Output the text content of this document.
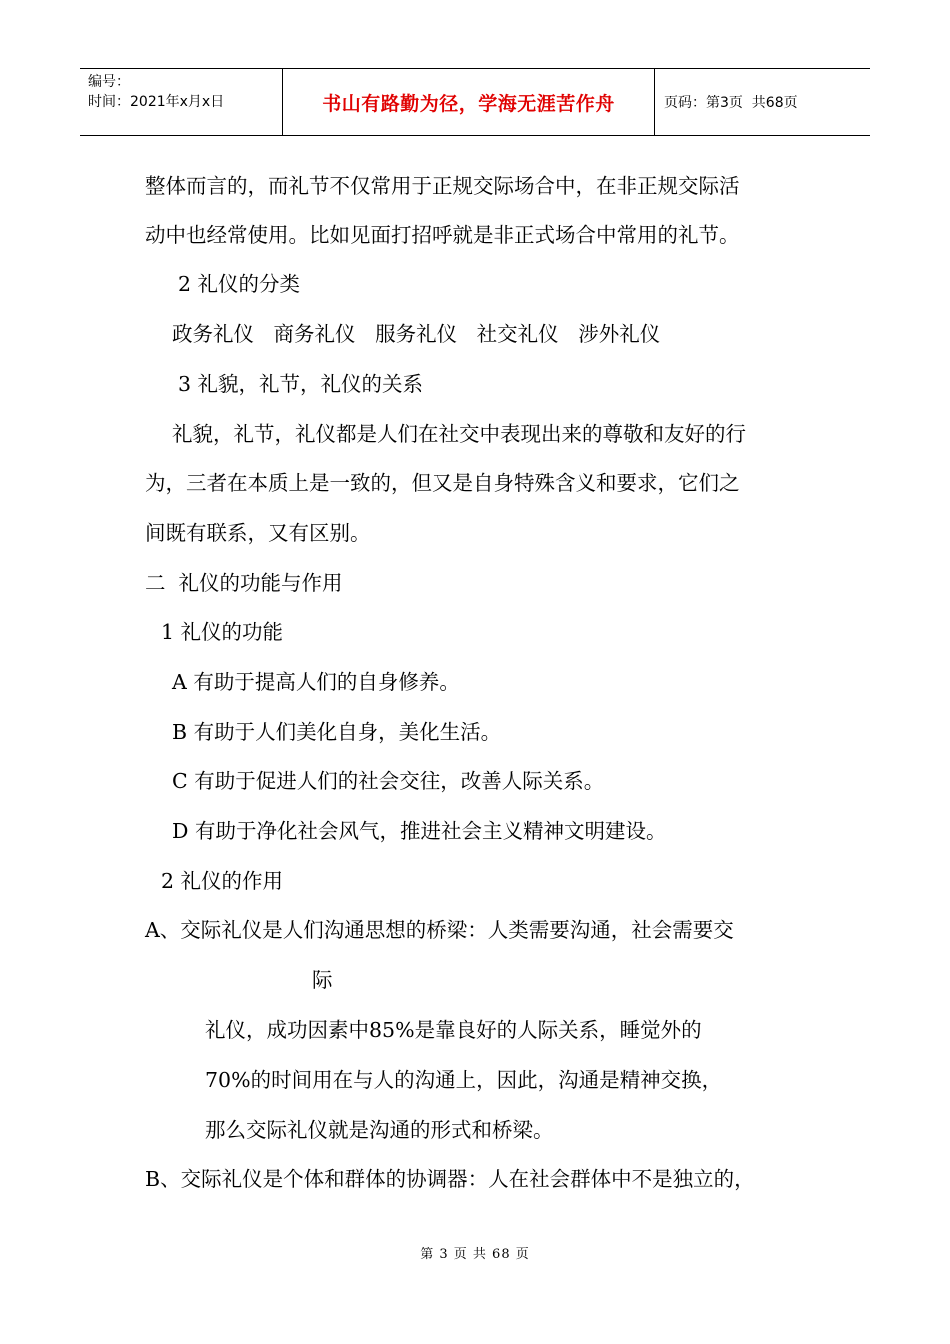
编号：
时间：2021年x月x日	书山有路勤为径，学海无涯苦作舟	页码：第3页  共68页
整体而言的，而礼节不仅常用于正规交际场合中，在非正规交际活
动中也经常使用。比如见面打招呼就是非正式场合中常用的礼节。
2 礼仪的分类
政务礼仪   商务礼仪   服务礼仪   社交礼仪   涉外礼仪
3 礼貌，礼节，礼仪的关系
礼貌，礼节，礼仪都是人们在社交中表现出来的尊敬和友好的行
为，三者在本质上是一致的，但又是自身特殊含义和要求，它们之
间既有联系，又有区别。
二  礼仪的功能与作用
1 礼仪的功能
A 有助于提高人们的自身修养。
B 有助于人们美化自身，美化生活。
C 有助于促进人们的社会交往，改善人际关系。
D 有助于净化社会风气，推进社会主义精神文明建设。
2 礼仪的作用
A、交际礼仪是人们沟通思想的桥梁：人类需要沟通，社会需要交
际
礼仪，成功因素中85%是靠良好的人际关系，睡觉外的
70%的时间用在与人的沟通上，因此，沟通是精神交换，
那么交际礼仪就是沟通的形式和桥梁。
B、交际礼仪是个体和群体的协调器：人在社会群体中不是独立的，
第 3 页 共 68 页
